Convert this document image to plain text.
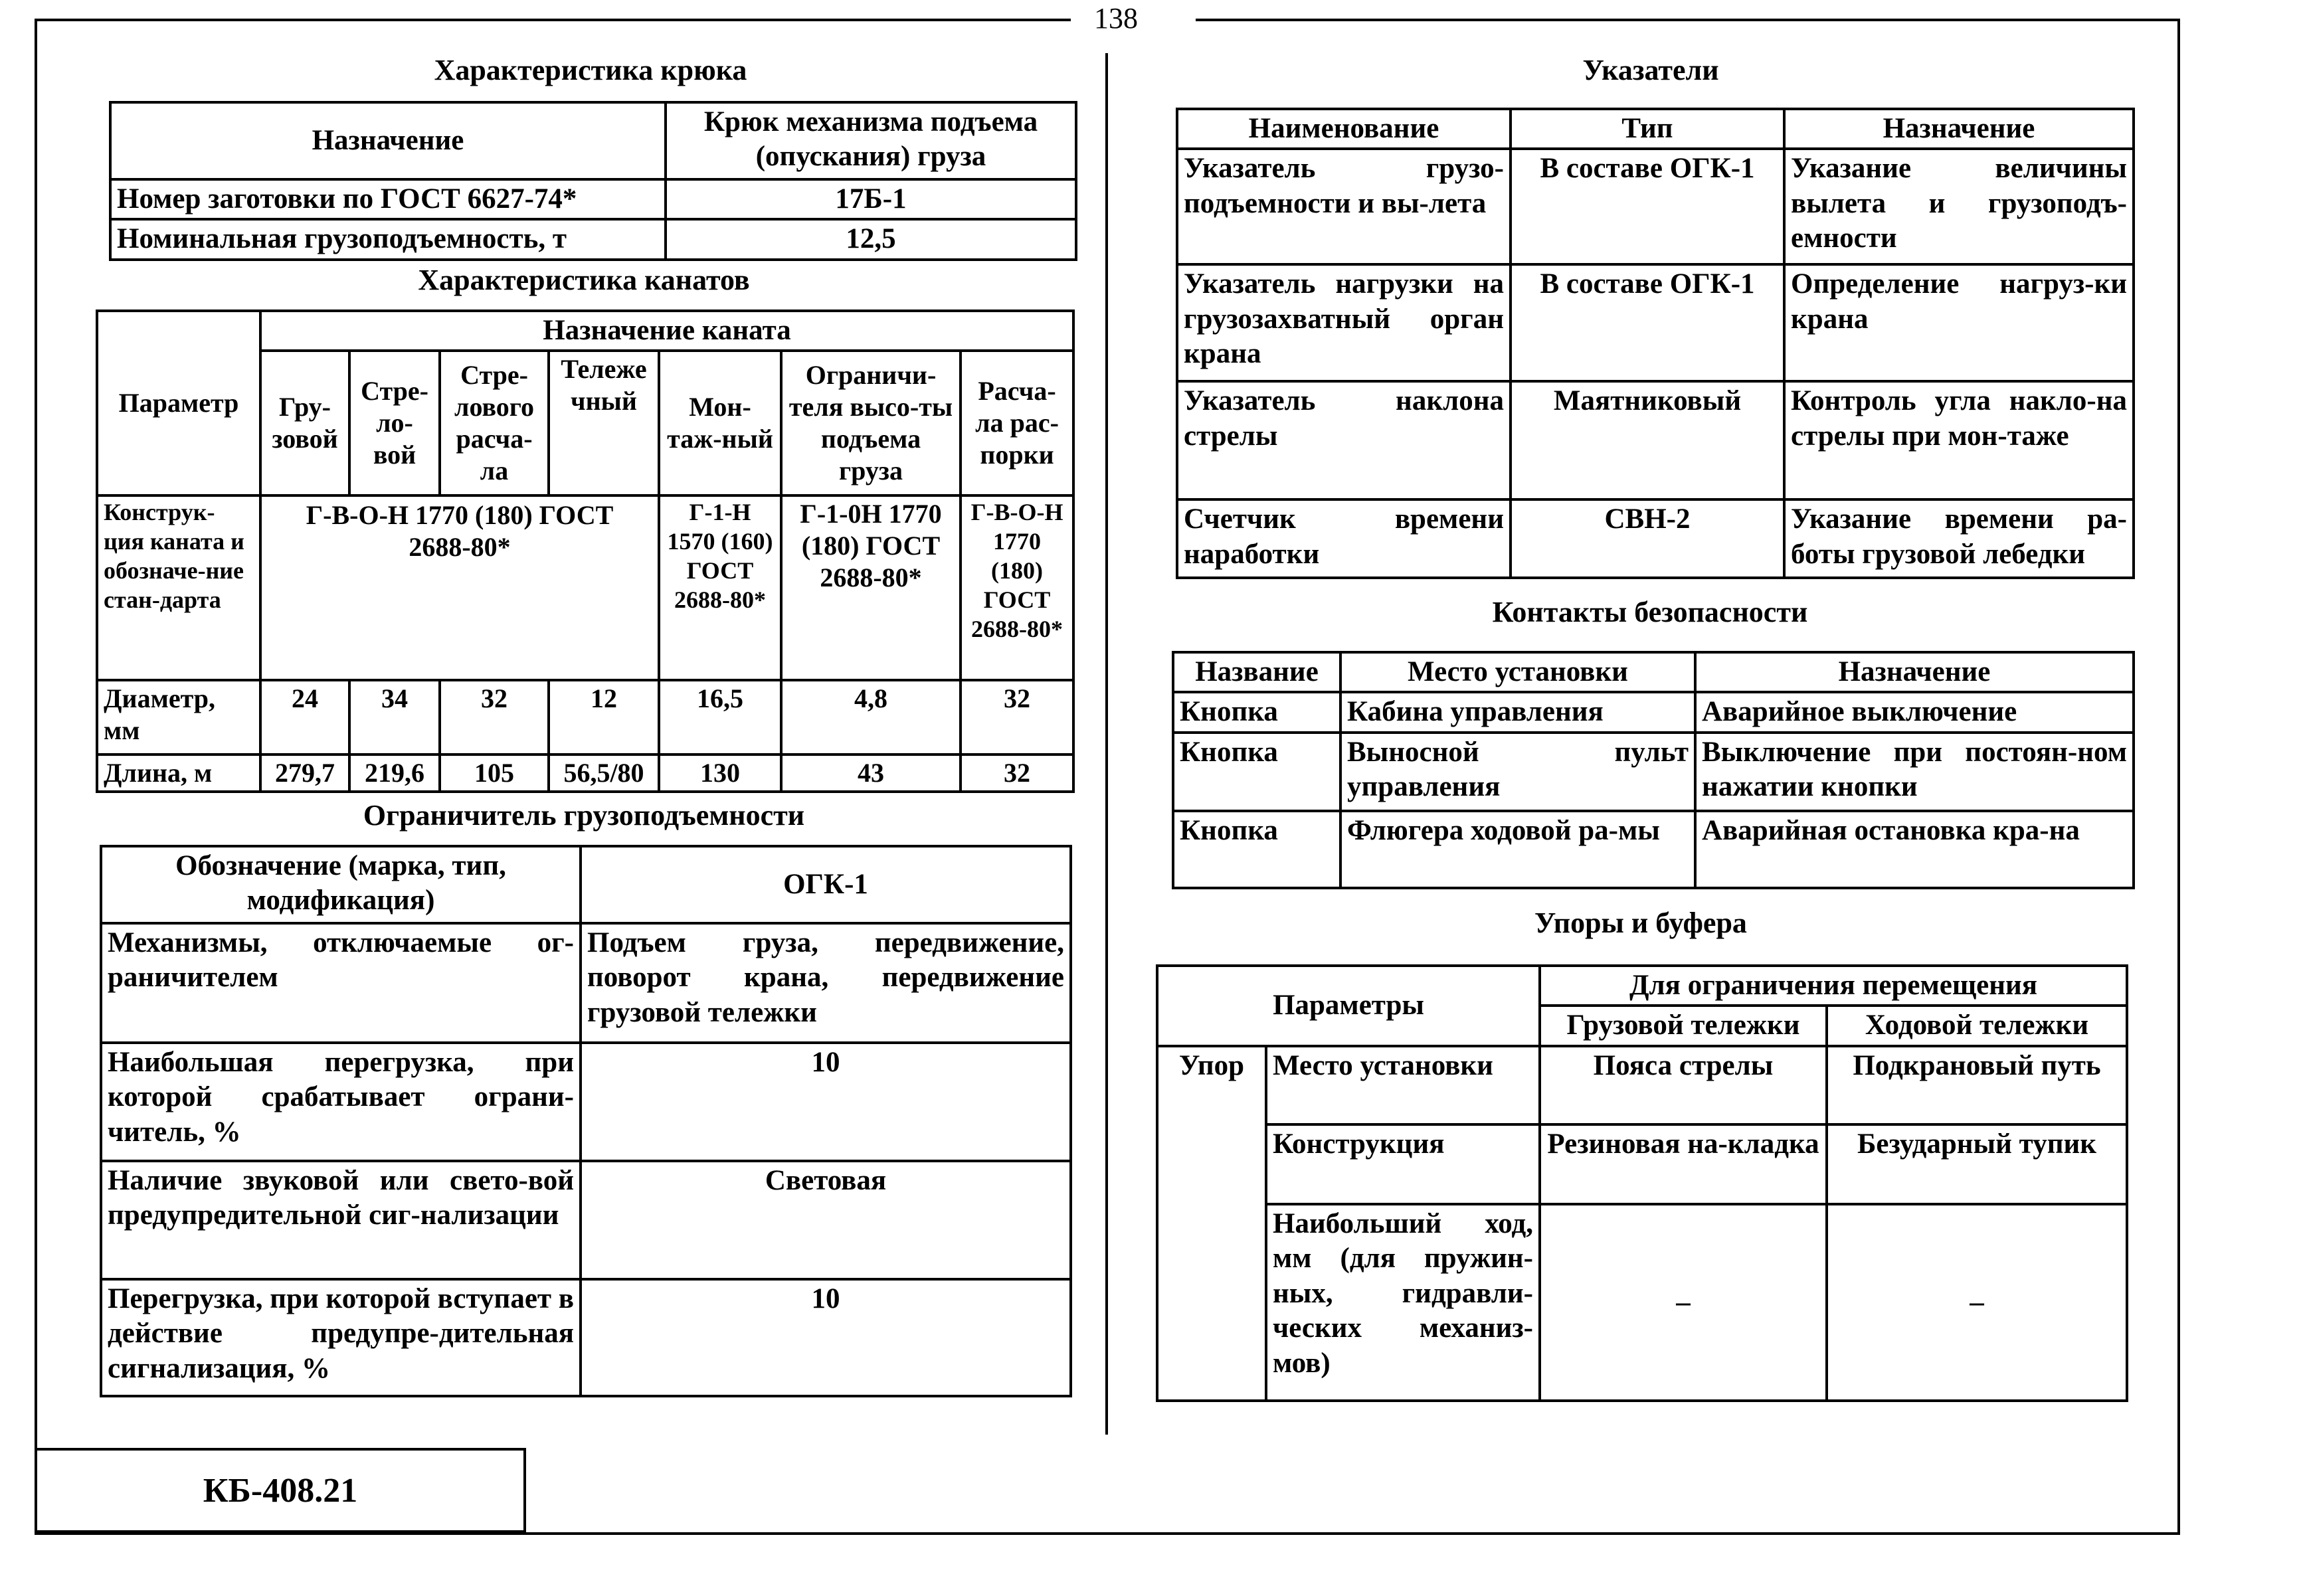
138
Характеристика крюка
Назначение	Крюк механизма подъема (опускания) груза
Номер заготовки по ГОСТ 6627-74*	17Б-1
Номинальная грузоподъемность, т	12,5
Характеристика канатов
Параметр	Назначение каната						
	Гру-зовой	Стре-ло-вой	Стре-лового расча-ла	Тележе чный	Мон-таж-ный	Ограничи-теля высо-ты подъема груза	Расча-ла рас-порки
Конструк-ция каната и обозначе-ние стан-дарта	Г-В-О-Н 1770 (180) ГОСТ 2688-80*				Г-1-Н 1570 (160) ГОСТ 2688-80*	Г-1-0Н 1770 (180) ГОСТ 2688-80*	Г-В-О-Н 1770 (180) ГОСТ 2688-80*
Диаметр, мм	24	34	32	12	16,5	4,8	32
Длина, м	279,7	219,6	105	56,5/80	130	43	32
Ограничитель грузоподъемности
Обозначение (марка, тип, модификация)	ОГК-1
Механизмы, отключаемые ог-раничителем	Подъем груза, передвижение, поворот крана, передвижение грузовой тележки
Наибольшая перегрузка, при которой срабатывает ограни-читель, %	10
Наличие звуковой или свето-вой предупредительной сиг-нализации	Световая
Перегрузка, при которой вступает в действие предупре-дительная сигнализация, %	10
Указатели
Наименование	Тип	Назначение
Указатель грузо-подъемности и вы-лета	В составе ОГК-1	Указание величины вылета и грузоподъ-емности
Указатель нагрузки на грузозахватный орган крана	В составе ОГК-1	Определение нагруз-ки крана
Указатель наклона стрелы	Маятниковый	Контроль угла накло-на стрелы при мон-таже
Счетчик времени наработки	СВН-2	Указание времени ра-боты грузовой лебедки
Контакты безопасности
Название	Место установки	Назначение
Кнопка	Кабина управления	Аварийное выключение
Кнопка	Выносной пульт управления	Выключение при постоян-ном нажатии кнопки
Кнопка	Флюгера ходовой ра-мы	Аварийная остановка кра-на
Упоры и буфера
Параметры		Для ограничения перемещения	
		Грузовой тележки	Ходовой тележки
Упор	Место установки	Пояса стрелы	Подкрановый путь
	Конструкция	Резиновая на-кладка	Безударный тупик
	Наибольший ход, мм (для пружин-ных, гидравли-ческих механиз-мов)	–	–
КБ-408.21
